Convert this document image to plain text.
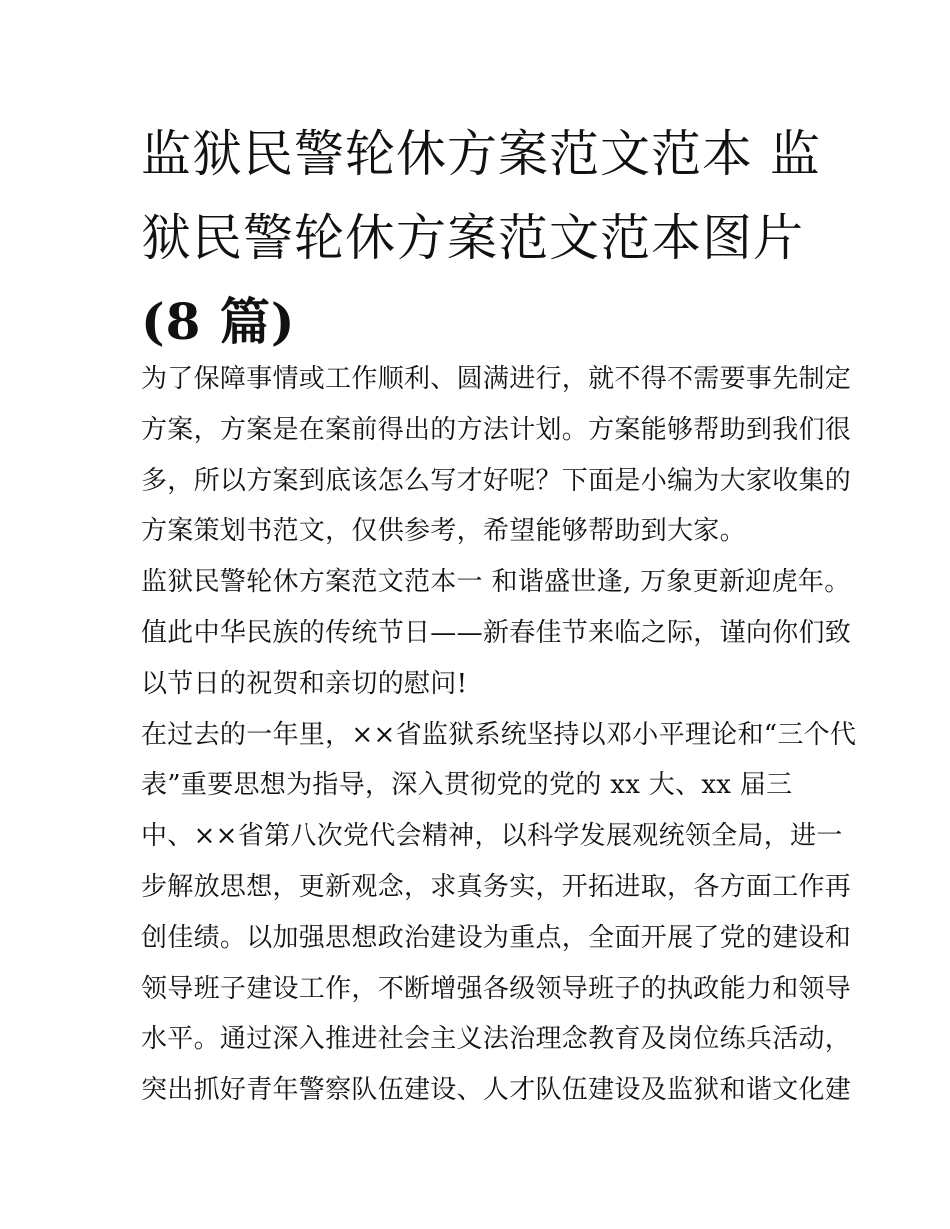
监狱民警轮休方案范文范本 监
狱民警轮休方案范文范本图片
(8 篇)
为了保障事情或工作顺利、圆满进行，就不得不需要事先制定
方案，方案是在案前得出的方法计划。方案能够帮助到我们很
多，所以方案到底该怎么写才好呢？下面是小编为大家收集的
方案策划书范文，仅供参考，希望能够帮助到大家。
监狱民警轮休方案范文范本一 和谐盛世逢, 万象更新迎虎年。
值此中华民族的传统节日——新春佳节来临之际，谨向你们致
以节日的祝贺和亲切的慰问!
在过去的一年里，××省监狱系统坚持以邓小平理论和“三个代
表”重要思想为指导，深入贯彻党的党的 xx 大、xx 届三
中、××省第八次党代会精神，以科学发展观统领全局，进一
步解放思想，更新观念，求真务实，开拓进取，各方面工作再
创佳绩。以加强思想政治建设为重点，全面开展了党的建设和
领导班子建设工作，不断增强各级领导班子的执政能力和领导
水平。通过深入推进社会主义法治理念教育及岗位练兵活动，
突出抓好青年警察队伍建设、人才队伍建设及监狱和谐文化建
